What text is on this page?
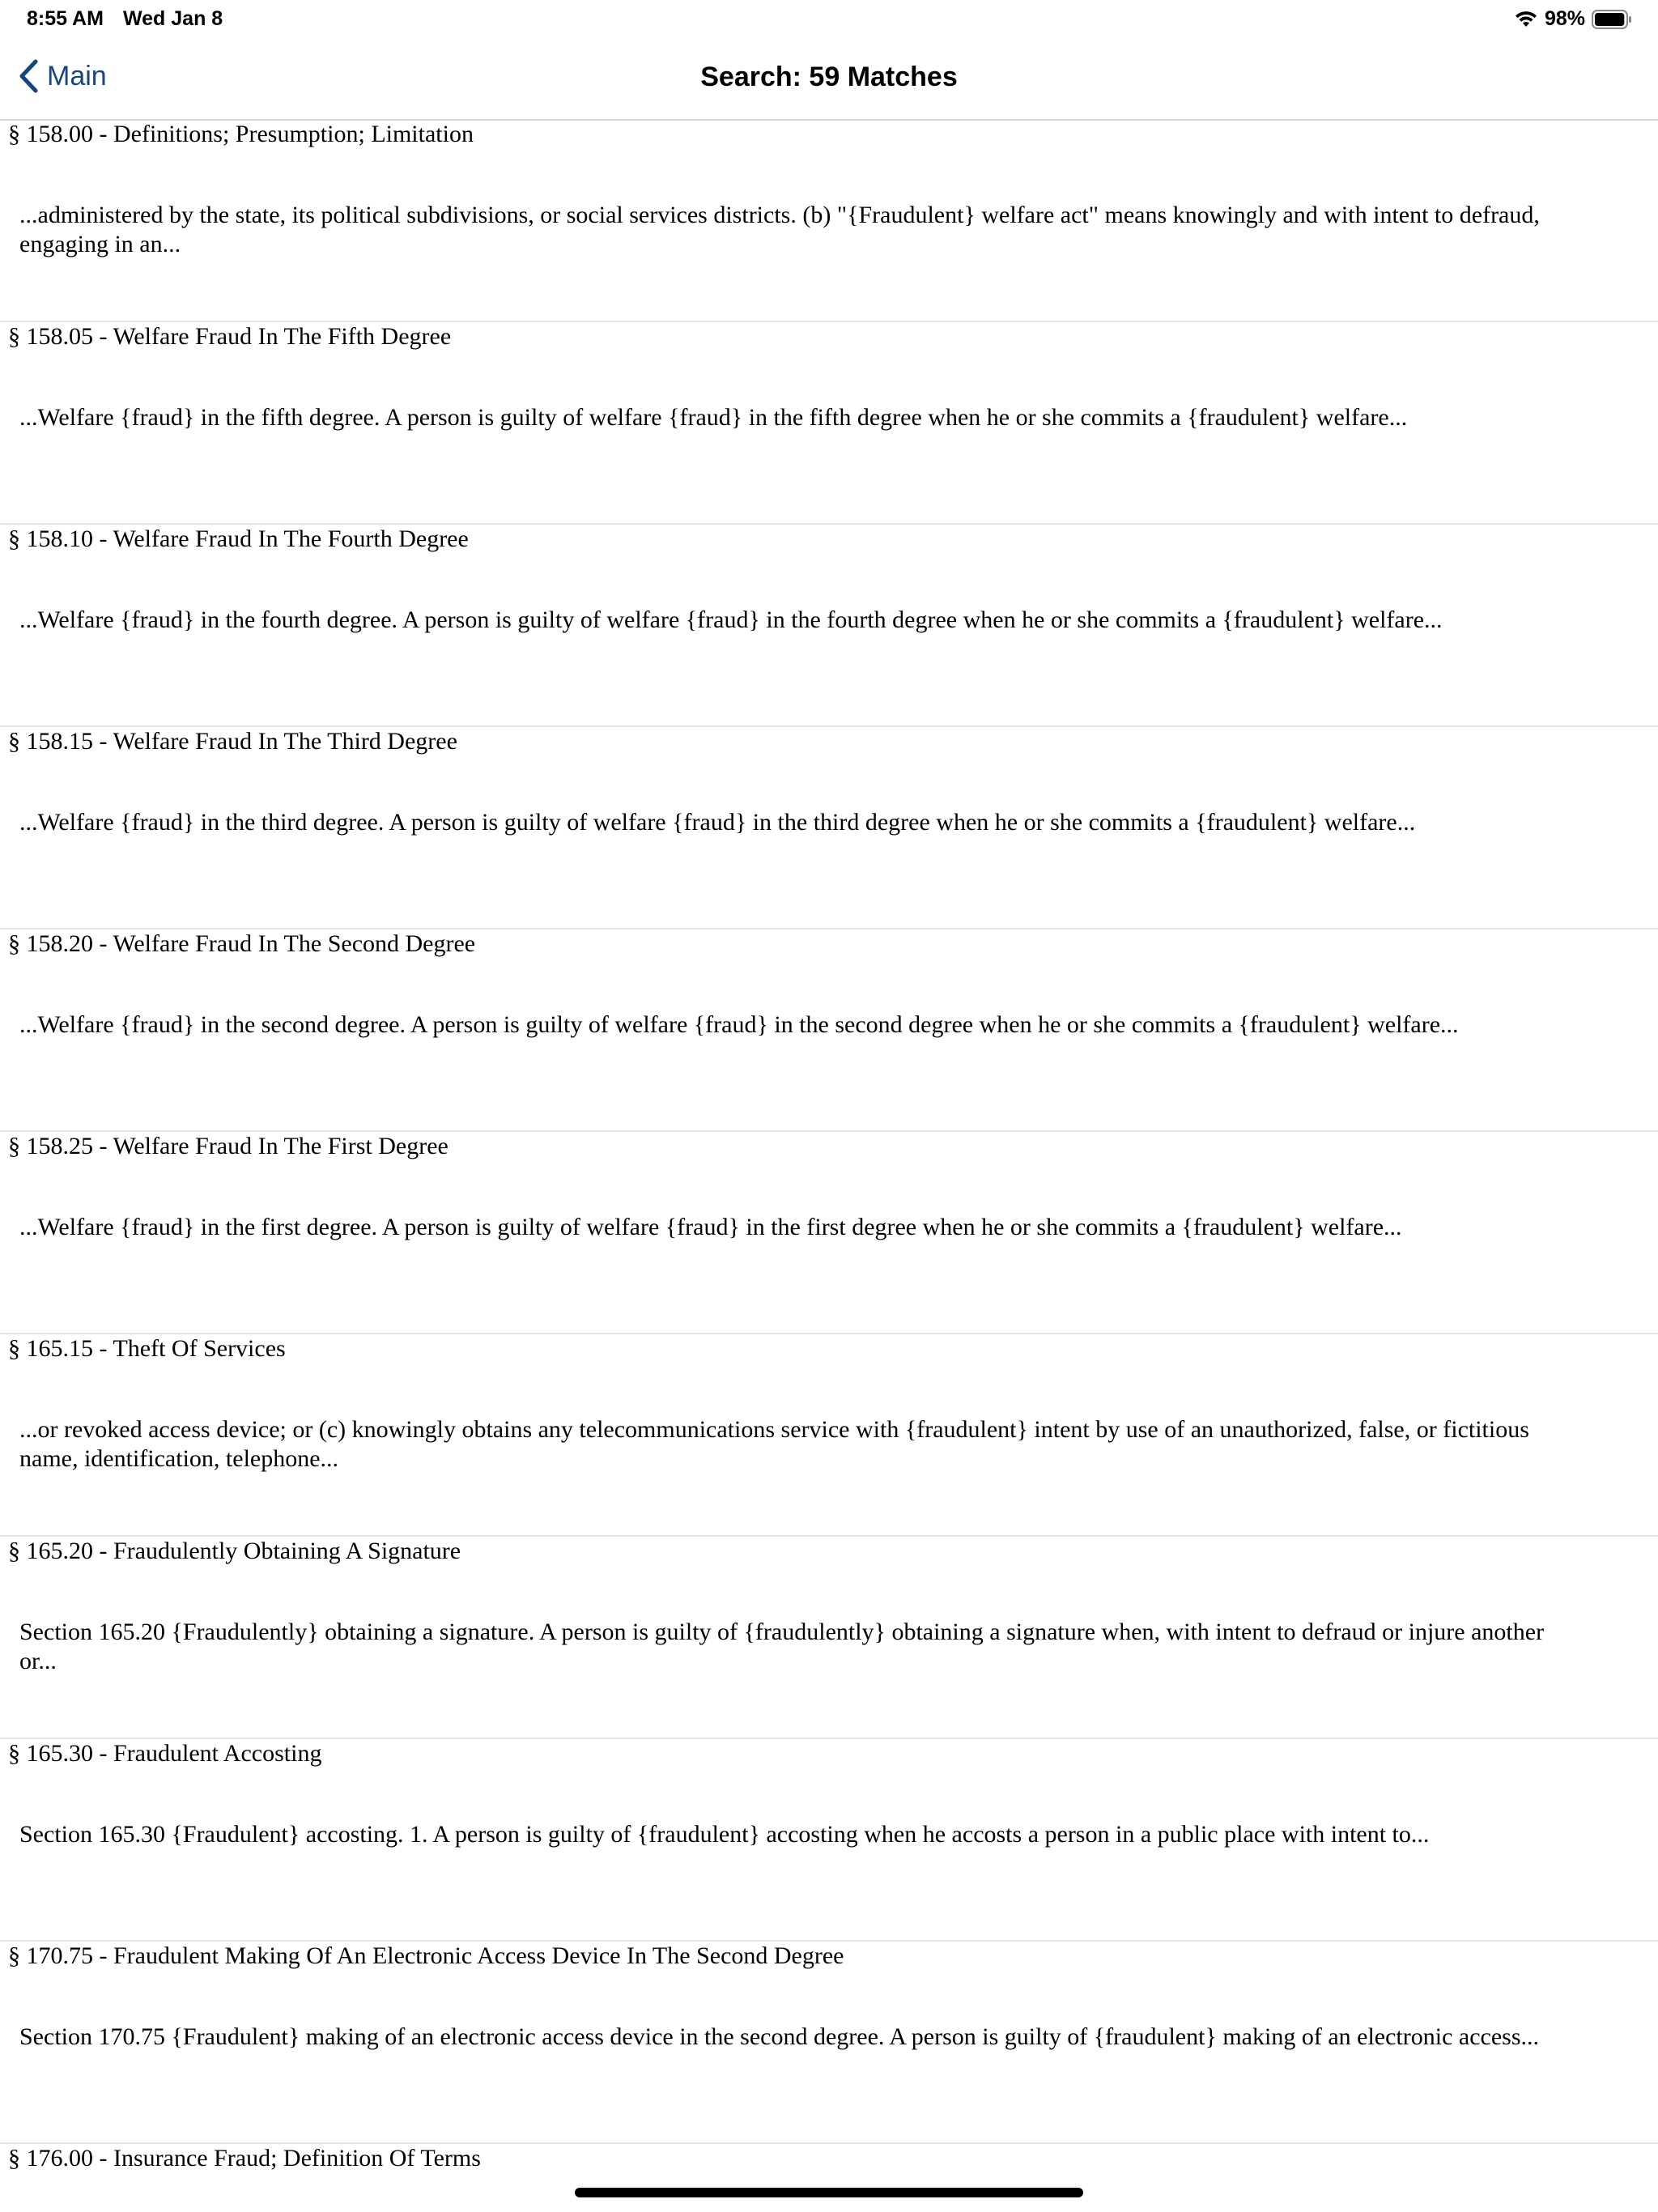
8:55 AM Wed Jan 8	98%
Main	Search: 59 Matches
§ 158.00 - Definitions; Presumption; Limitation
...administered by the state, its political subdivisions, or social services districts. (b) "{Fraudulent} welfare act" means knowingly and with intent to defraud, engaging in an...
§ 158.05 - Welfare Fraud In The Fifth Degree
...Welfare {fraud} in the fifth degree. A person is guilty of welfare {fraud} in the fifth degree when he or she commits a {fraudulent} welfare...
§ 158.10 - Welfare Fraud In The Fourth Degree
...Welfare {fraud} in the fourth degree. A person is guilty of welfare {fraud} in the fourth degree when he or she commits a {fraudulent} welfare...
§ 158.15 - Welfare Fraud In The Third Degree
...Welfare {fraud} in the third degree. A person is guilty of welfare {fraud} in the third degree when he or she commits a {fraudulent} welfare...
§ 158.20 - Welfare Fraud In The Second Degree
...Welfare {fraud} in the second degree. A person is guilty of welfare {fraud} in the second degree when he or she commits a {fraudulent} welfare...
§ 158.25 - Welfare Fraud In The First Degree
...Welfare {fraud} in the first degree. A person is guilty of welfare {fraud} in the first degree when he or she commits a {fraudulent} welfare...
§ 165.15 - Theft Of Services
...or revoked access device; or (c) knowingly obtains any telecommunications service with {fraudulent} intent by use of an unauthorized, false, or fictitious name, identification, telephone...
§ 165.20 - Fraudulently Obtaining A Signature
Section 165.20 {Fraudulently} obtaining a signature. A person is guilty of {fraudulently} obtaining a signature when, with intent to defraud or injure another or...
§ 165.30 - Fraudulent Accosting
Section 165.30 {Fraudulent} accosting. 1. A person is guilty of {fraudulent} accosting when he accosts a person in a public place with intent to...
§ 170.75 - Fraudulent Making Of An Electronic Access Device In The Second Degree
Section 170.75 {Fraudulent} making of an electronic access device in the second degree. A person is guilty of {fraudulent} making of an electronic access...
§ 176.00 - Insurance Fraud; Definition Of Terms
